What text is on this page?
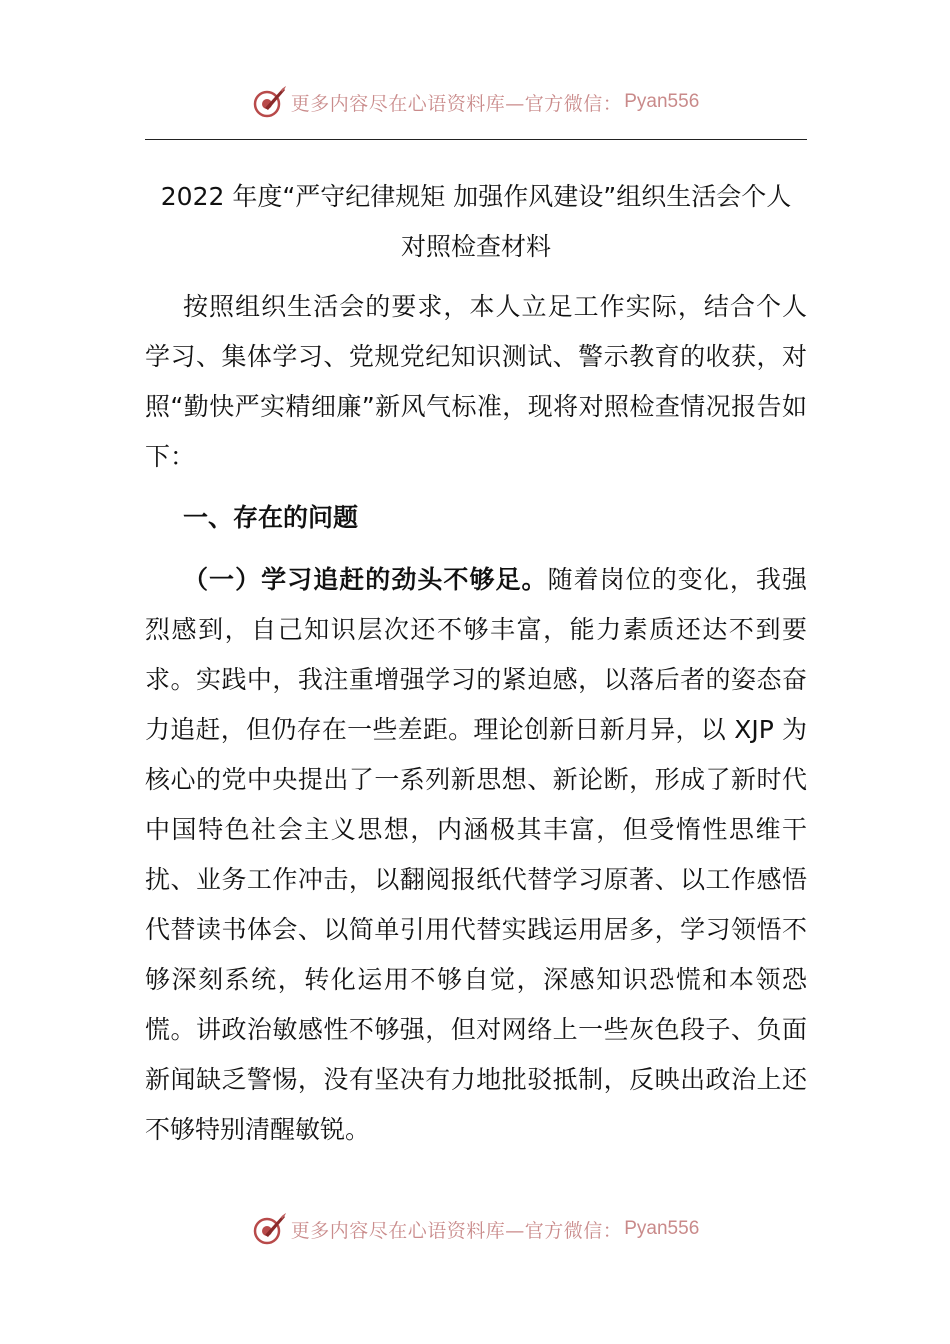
更多内容尽在心语资料库—官方微信： Pyan556
2022 年度“严守纪律规矩 加强作风建设”组织生活会个人
对照检查材料
按照组织生活会的要求，本人立足工作实际，结合个人学习、集体学习、党规党纪知识测试、警示教育的收获，对照“勤快严实精细廉”新风气标准，现将对照检查情况报告如下：
一、存在的问题
（一）学习追赶的劲头不够足。随着岗位的变化，我强烈感到，自己知识层次还不够丰富，能力素质还达不到要求。实践中，我注重增强学习的紧迫感，以落后者的姿态奋力追赶，但仍存在一些差距。理论创新日新月异，以 XJP 为核心的党中央提出了一系列新思想、新论断，形成了新时代中国特色社会主义思想，内涵极其丰富，但受惰性思维干扰、业务工作冲击，以翻阅报纸代替学习原著、以工作感悟代替读书体会、以简单引用代替实践运用居多，学习领悟不够深刻系统，转化运用不够自觉，深感知识恐慌和本领恐慌。讲政治敏感性不够强，但对网络上一些灰色段子、负面新闻缺乏警惕，没有坚决有力地批驳抵制，反映出政治上还不够特别清醒敏锐。
更多内容尽在心语资料库—官方微信： Pyan556
